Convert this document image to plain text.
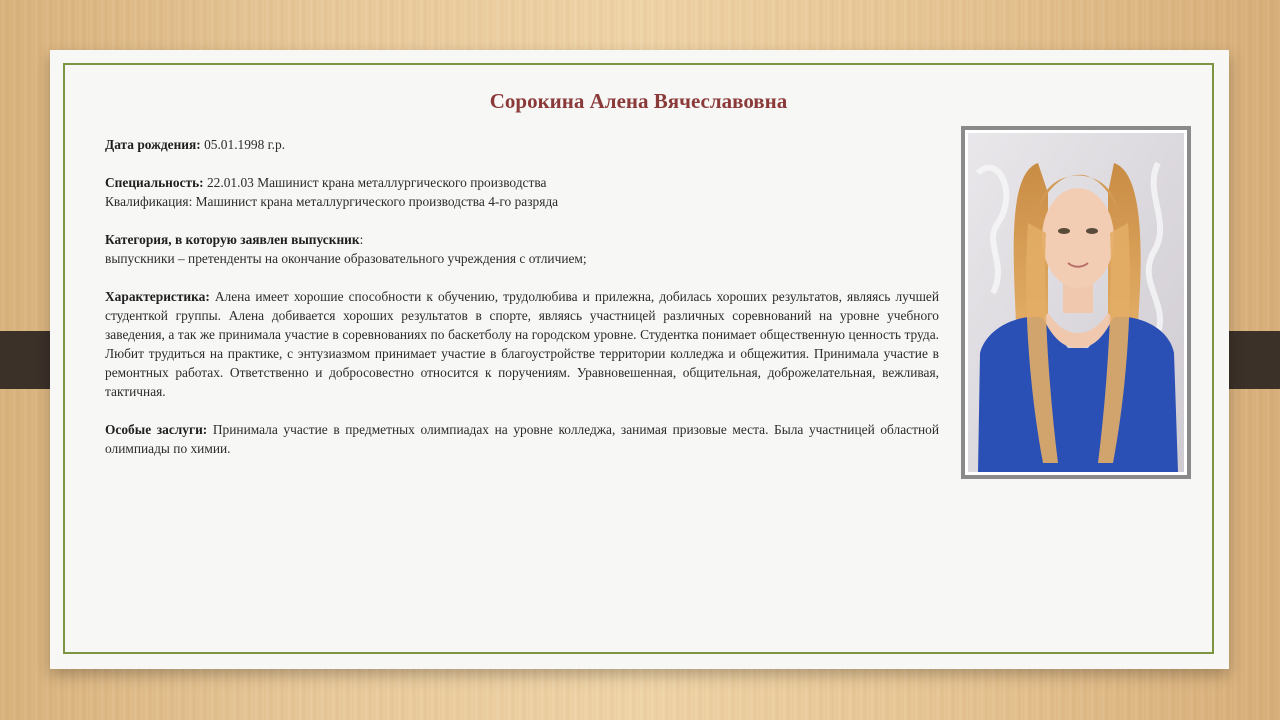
Сорокина Алена Вячеславовна

Дата рождения: 05.01.1998 г.р.

Специальность: 22.01.03 Машинист крана металлургического производства

Квалификация: Машинист крана металлургического производства 4-го разряда

Категория, в которую заявлен выпускник:

выпускники – претенденты на окончание образовательного учреждения с отличием;

Характеристика: Алена имеет хорошие способности к обучению, трудолюбива и прилежна, добилась хороших результатов, являясь лучшей студенткой группы. Алена добивается хороших результатов в спорте, являясь участницей различных соревнований на уровне учебного заведения, а так же принимала участие в соревнованиях по баскетболу на городском уровне. Студентка понимает общественную ценность труда. Любит трудиться на практике, с энтузиазмом принимает участие в благоустройстве территории колледжа и общежития. Принимала участие в ремонтных работах. Ответственно и добросовестно относится к поручениям. Уравновешенная, общительная, доброжелательная, вежливая, тактичная.

Особые заслуги: Принимала участие в предметных олимпиадах на уровне колледжа, занимая призовые места. Была участницей областной олимпиады по химии.
